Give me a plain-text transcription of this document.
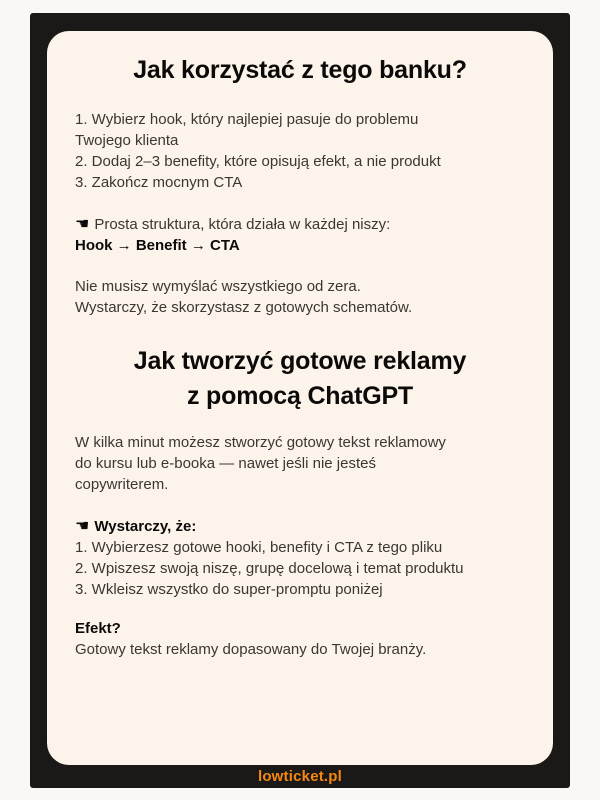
Jak korzystać z tego banku?
1. Wybierz hook, który najlepiej pasuje do problemu
Twojego klienta
2. Dodaj 2–3 benefity, które opisują efekt, a nie produkt
3. Zakończ mocnym CTA
☚ Prosta struktura, która działa w każdej niszy:
Hook → Benefit → CTA
Nie musisz wymyślać wszystkiego od zera.
Wystarczy, że skorzystasz z gotowych schematów.
Jak tworzyć gotowe reklamy
z pomocą ChatGPT
W kilka minut możesz stworzyć gotowy tekst reklamowy
do kursu lub e-booka — nawet jeśli nie jesteś
copywriterem.
☚ Wystarczy, że:
1. Wybierzesz gotowe hooki, benefity i CTA z tego pliku
2. Wpiszesz swoją niszę, grupę docelową i temat produktu
3. Wkleisz wszystko do super-promptu poniżej
Efekt?
Gotowy tekst reklamy dopasowany do Twojej branży.
lowticket.pl
